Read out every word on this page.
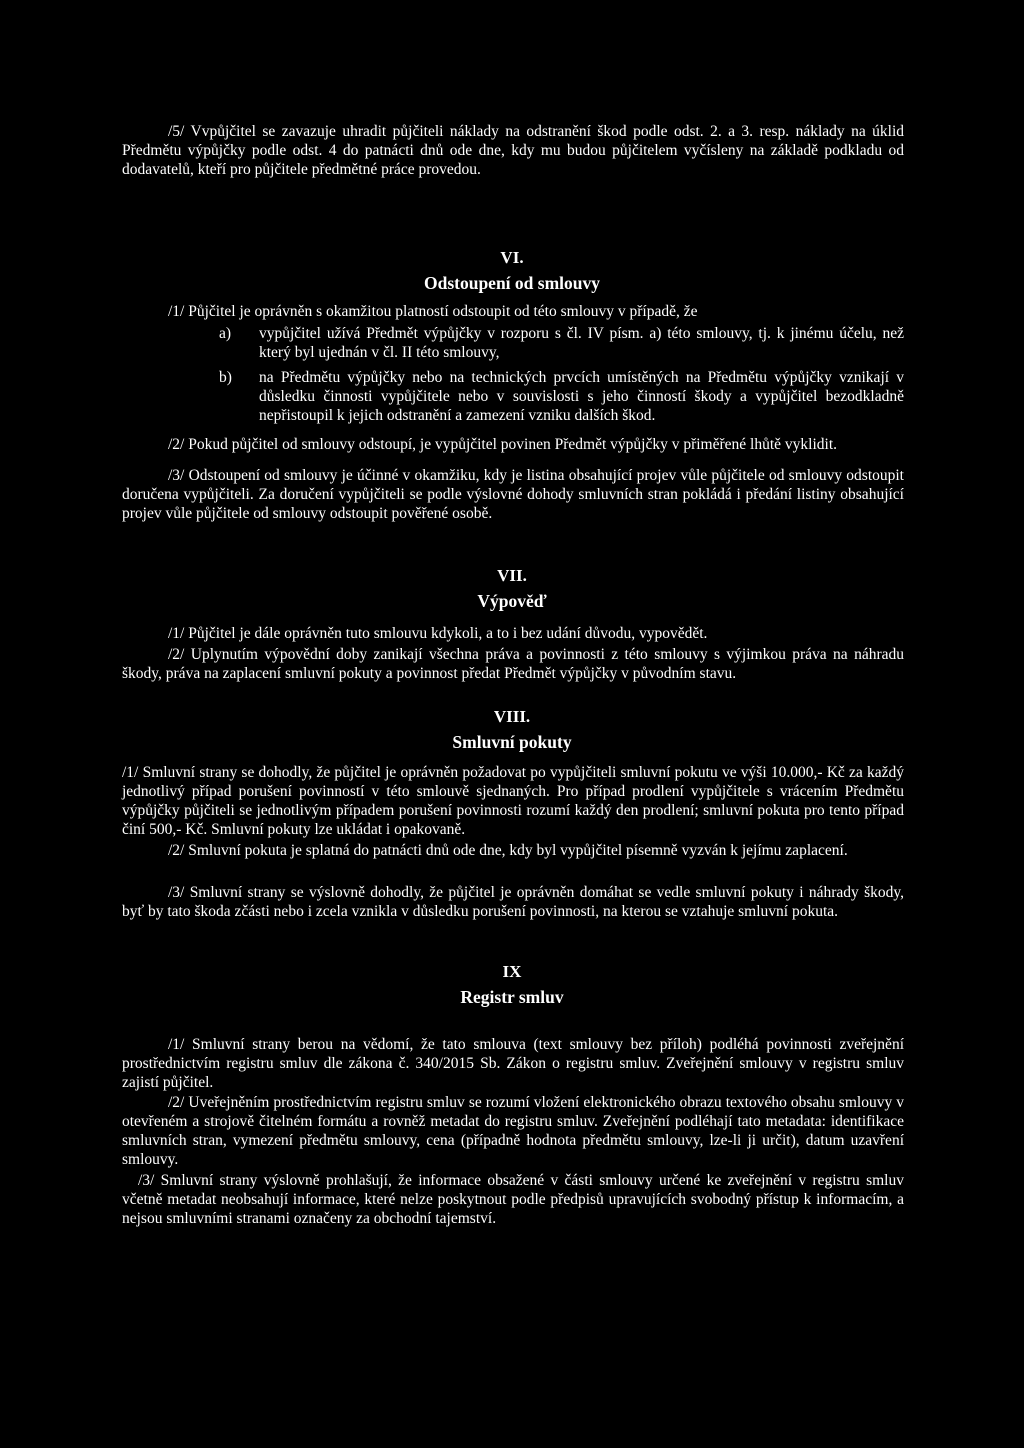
/5/ Vvpůjčitel se zavazuje uhradit půjčiteli náklady na odstranění škod podle odst. 2. a 3. resp. náklady na úklid Předmětu výpůjčky podle odst. 4 do patnácti dnů ode dne, kdy mu budou půjčitelem vyčísleny na základě podkladu od dodavatelů, kteří pro půjčitele předmětné práce provedou.

VI.
Odstoupení od smlouvy

/1/ Půjčitel je oprávněn s okamžitou platností odstoupit od této smlouvy v případě, že

a) vypůjčitel užívá Předmět výpůjčky v rozporu s čl. IV písm. a) této smlouvy, tj. k jinému účelu, než který byl ujednán v čl. II této smlouvy,
b) na Předmětu výpůjčky nebo na technických prvcích umístěných na Předmětu výpůjčky vznikají v důsledku činnosti vypůjčitele nebo v souvislosti s jeho činností škody a vypůjčitel bezodkladně nepřistoupil k jejich odstranění a zamezení vzniku dalších škod.

/2/ Pokud půjčitel od smlouvy odstoupí, je vypůjčitel povinen Předmět výpůjčky v přiměřené lhůtě vyklidit.

/3/ Odstoupení od smlouvy je účinné v okamžiku, kdy je listina obsahující projev vůle půjčitele od smlouvy odstoupit doručena vypůjčiteli. Za doručení vypůjčiteli se podle výslovné dohody smluvních stran pokládá i předání listiny obsahující projev vůle půjčitele od smlouvy odstoupit pověřené osobě.

VII.
Výpověď

/1/ Půjčitel je dále oprávněn tuto smlouvu kdykoli, a to i bez udání důvodu, vypovědět.

/2/ Uplynutím výpovědní doby zanikají všechna práva a povinnosti z této smlouvy s výjimkou práva na náhradu škody, práva na zaplacení smluvní pokuty a povinnost předat Předmět výpůjčky v původním stavu.

VIII.
Smluvní pokuty

/1/ Smluvní strany se dohodly, že půjčitel je oprávněn požadovat po vypůjčiteli smluvní pokutu ve výši 10.000,- Kč za každý jednotlivý případ porušení povinností v této smlouvě sjednaných. Pro případ prodlení vypůjčitele s vrácením Předmětu výpůjčky půjčiteli se jednotlivým případem porušení povinnosti rozumí každý den prodlení; smluvní pokuta pro tento případ činí 500,- Kč. Smluvní pokuty lze ukládat i opakovaně.

/2/ Smluvní pokuta je splatná do patnácti dnů ode dne, kdy byl vypůjčitel písemně vyzván k jejímu zaplacení.

/3/ Smluvní strany se výslovně dohodly, že půjčitel je oprávněn domáhat se vedle smluvní pokuty i náhrady škody, byť by tato škoda zčásti nebo i zcela vznikla v důsledku porušení povinnosti, na kterou se vztahuje smluvní pokuta.

IX
Registr smluv

/1/ Smluvní strany berou na vědomí, že tato smlouva (text smlouvy bez příloh) podléhá povinnosti zveřejnění prostřednictvím registru smluv dle zákona č. 340/2015 Sb. Zákon o registru smluv. Zveřejnění smlouvy v registru smluv zajistí půjčitel.

/2/ Uveřejněním prostřednictvím registru smluv se rozumí vložení elektronického obrazu textového obsahu smlouvy v otevřeném a strojově čitelném formátu a rovněž metadat do registru smluv. Zveřejnění podléhají tato metadata: identifikace smluvních stran, vymezení předmětu smlouvy, cena (případně hodnota předmětu smlouvy, lze-li ji určit), datum uzavření smlouvy.

/3/ Smluvní strany výslovně prohlašují, že informace obsažené v části smlouvy určené ke zveřejnění v registru smluv včetně metadat neobsahují informace, které nelze poskytnout podle předpisů upravujících svobodný přístup k informacím, a nejsou smluvními stranami označeny za obchodní tajemství.
